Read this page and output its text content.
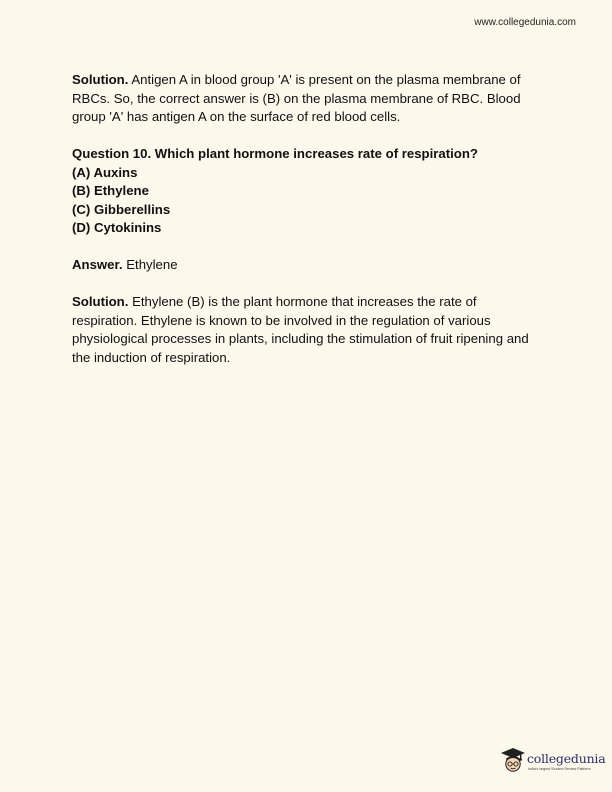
www.collegedunia.com

Solution. Antigen A in blood group 'A' is present on the plasma membrane of RBCs. So, the correct answer is (B) on the plasma membrane of RBC. Blood group 'A' has antigen A on the surface of red blood cells.

Question 10. Which plant hormone increases rate of respiration?
(A) Auxins
(B) Ethylene
(C) Gibberellins
(D) Cytokinins

Answer. Ethylene

Solution. Ethylene (B) is the plant hormone that increases the rate of respiration. Ethylene is known to be involved in the regulation of various physiological processes in plants, including the stimulation of fruit ripening and the induction of respiration.

collegedunia
India's largest Student Review Platform
